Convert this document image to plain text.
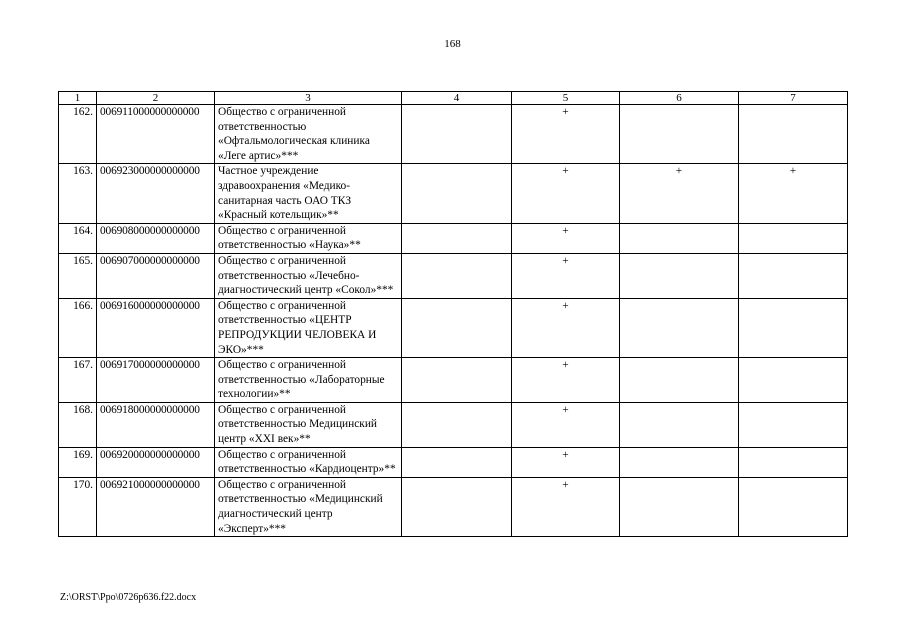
168
1	2	3	4	5	6	7
162.	006911000000000000	Общество с ограниченной ответственностью «Офтальмологическая клиника «Леге артис»***		+		
163.	006923000000000000	Частное учреждение здравоохранения «Медико-санитарная часть ОАО ТКЗ «Красный котельщик»**		+	+	+
164.	006908000000000000	Общество с ограниченной ответственностью «Наука»**		+		
165.	006907000000000000	Общество с ограниченной ответственностью «Лечебно-диагностический центр «Сокол»***		+		
166.	006916000000000000	Общество с ограниченной ответственностью «ЦЕНТР РЕПРОДУКЦИИ ЧЕЛОВЕКА И ЭКО»***		+		
167.	006917000000000000	Общество с ограниченной ответственностью «Лабораторные технологии»**		+		
168.	006918000000000000	Общество с ограниченной ответственностью Медицинский центр «XXI век»**		+		
169.	006920000000000000	Общество с ограниченной ответственностью «Кардиоцентр»**		+		
170.	006921000000000000	Общество с ограниченной ответственностью «Медицинский диагностический центр «Эксперт»***		+		
Z:\ORST\Ppo\0726p636.f22.docx
